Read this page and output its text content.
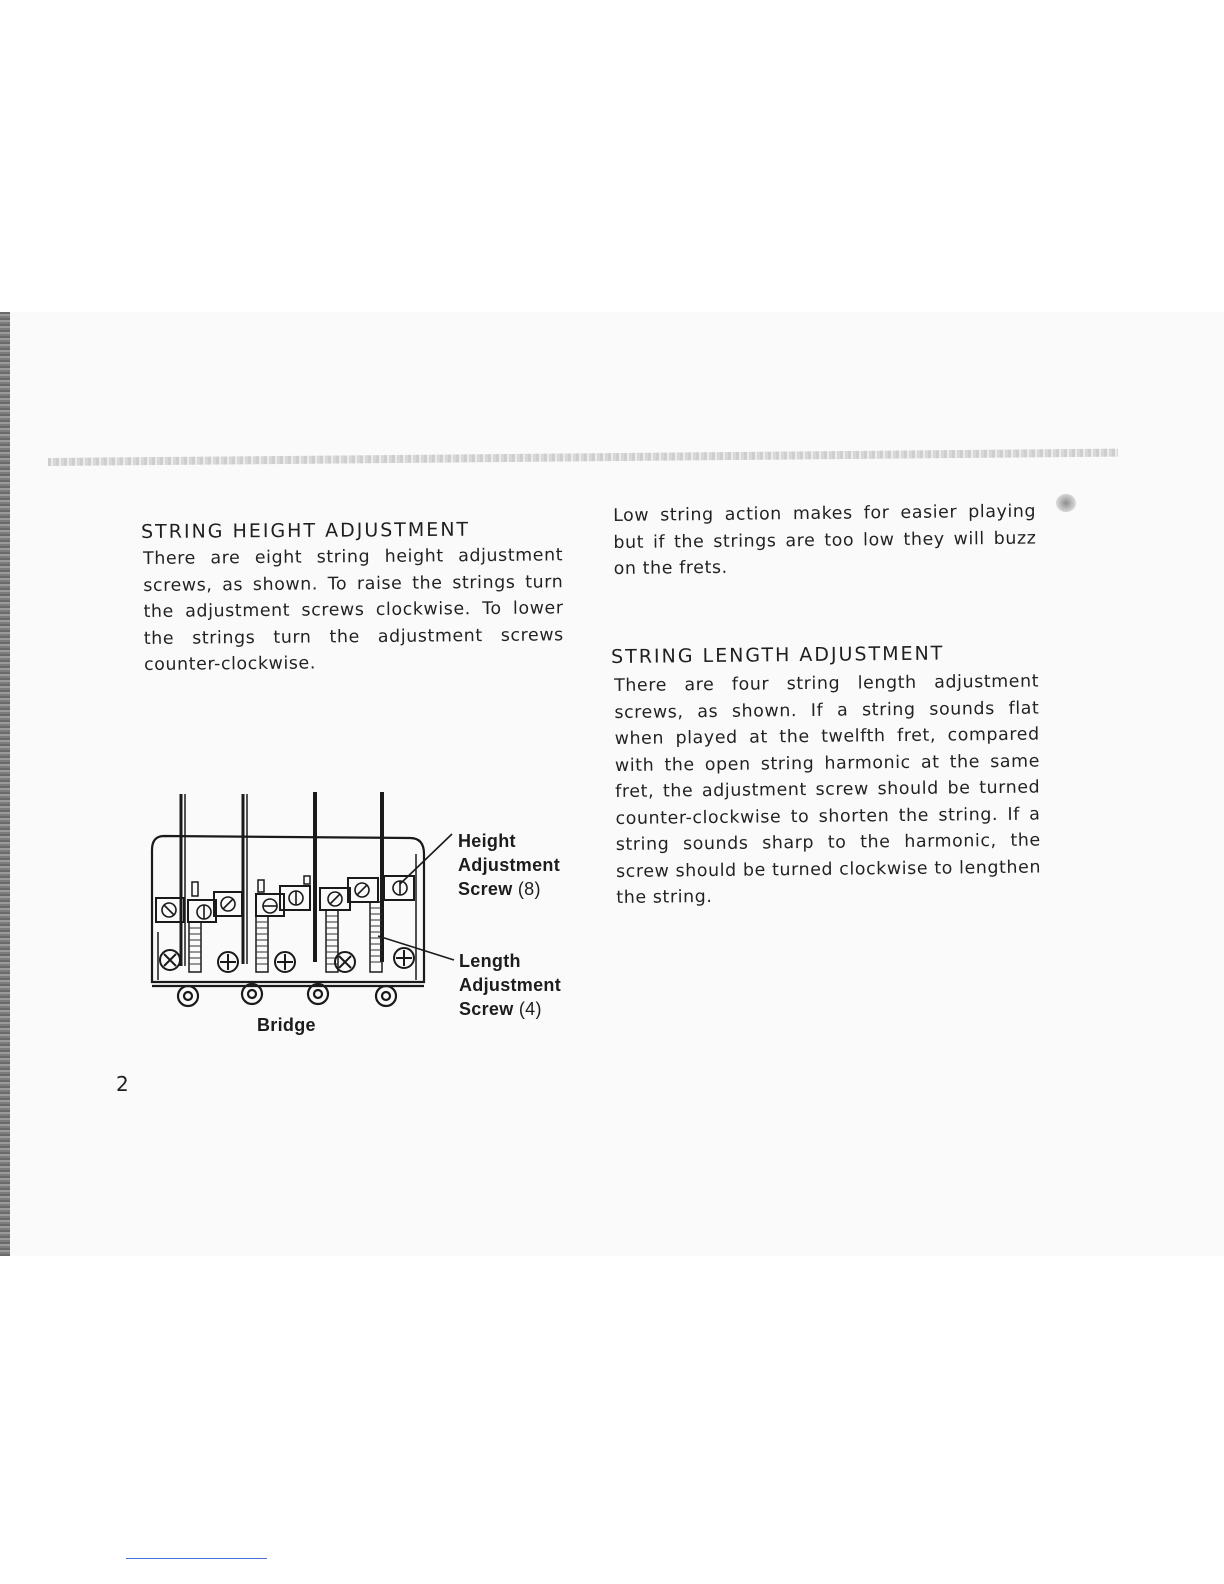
STRING HEIGHT ADJUSTMENT

There are eight string height adjustment screws, as shown. To raise the strings turn the adjustment screws clockwise. To lower the strings turn the adjustment screws counter-clockwise.

Low string action makes for easier playing but if the strings are too low they will buzz on the frets.

STRING LENGTH ADJUSTMENT

There are four string length adjustment screws, as shown. If a string sounds flat when played at the twelfth fret, compared with the open string harmonic at the same fret, the adjustment screw should be turned counter-clockwise to shorten the string. If a string sounds sharp to the harmonic, the screw should be turned clockwise to lengthen the string.

Height
Adjustment
Screw (8)
Length
Adjustment
Screw (4)
Bridge
2
